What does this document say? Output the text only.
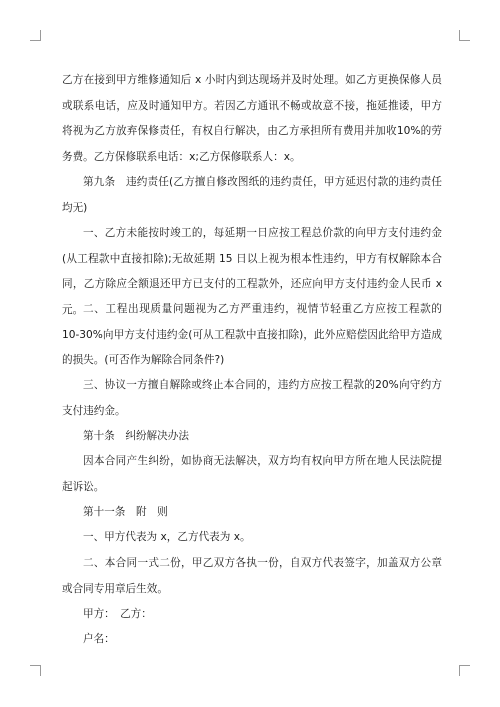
乙方在接到甲方维修通知后 x 小时内到达现场并及时处理。如乙方更换保修人员或联系电话，应及时通知甲方。若因乙方通讯不畅或故意不接，拖延推诿，甲方将视为乙方放弃保修责任，有权自行解决，由乙方承担所有费用并加收10%的劳务费。乙方保修联系电话：x;乙方保修联系人：x。

第九条　违约责任(乙方擅自修改图纸的违约责任，甲方延迟付款的违约责任均无)

一、乙方未能按时竣工的，每延期一日应按工程总价款的向甲方支付违约金(从工程款中直接扣除);无故延期 15 日以上视为根本性违约，甲方有权解除本合同，乙方除应全额退还甲方已支付的工程款外，还应向甲方支付违约金人民币 x 元。 二、工程出现质量问题视为乙方严重违约，视情节轻重乙方应按工程款的 10-30%向甲方支付违约金(可从工程款中直接扣除)，此外应赔偿因此给甲方造成的损失。(可否作为解除合同条件?)

三、协议一方擅自解除或终止本合同的，违约方应按工程款的20%向守约方支付违约金。

第十条　纠纷解决办法

因本合同产生纠纷，如协商无法解决，双方均有权向甲方所在地人民法院提起诉讼。

第十一条　附　则

一、甲方代表为 x，乙方代表为 x。

二、本合同一式二份，甲乙双方各执一份，自双方代表签字，加盖双方公章或合同专用章后生效。

甲方：　乙方：

户名：
